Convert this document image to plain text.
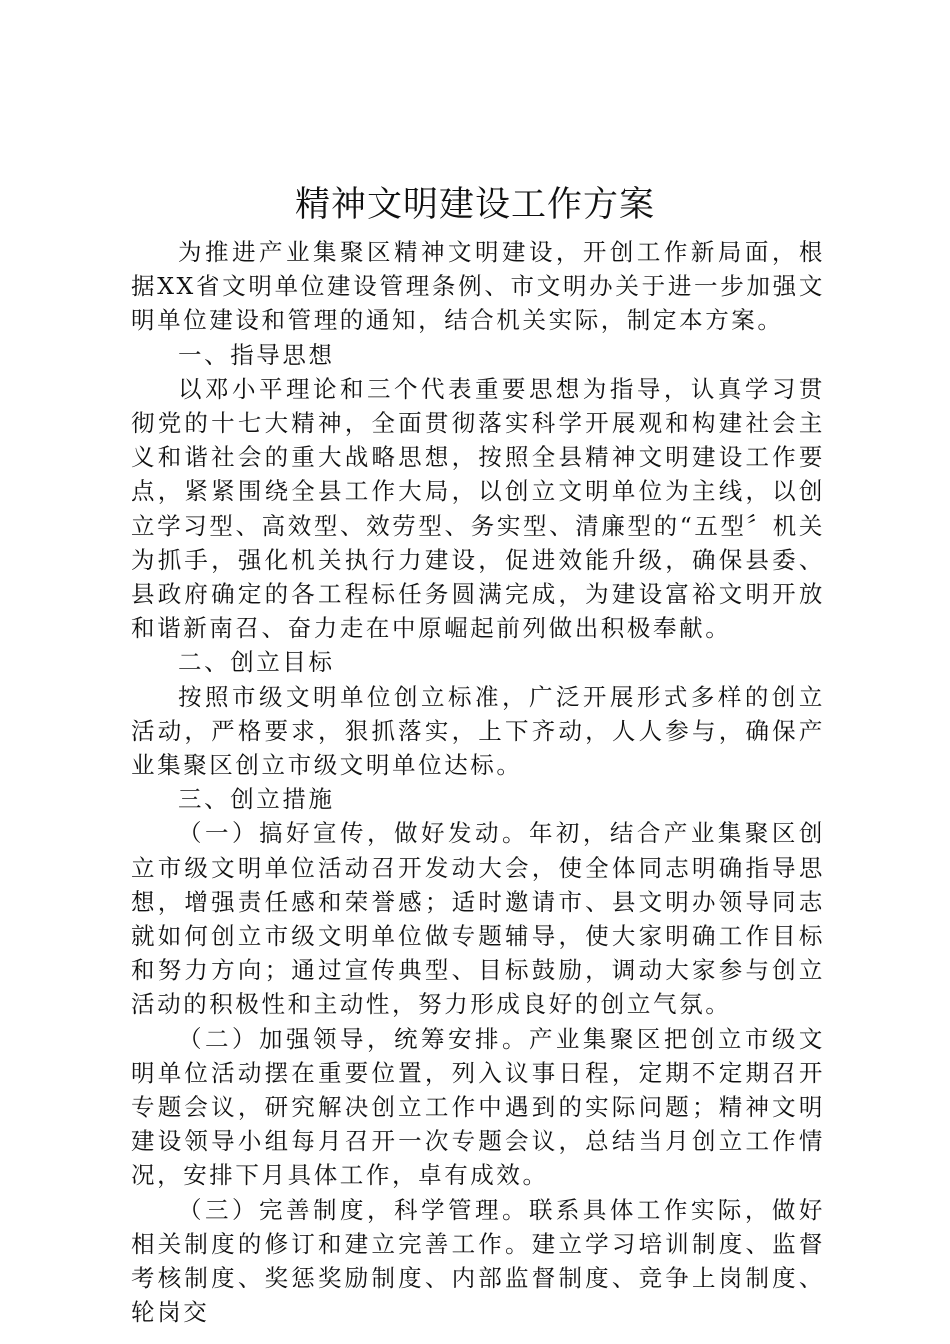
精神文明建设工作方案

为推进产业集聚区精神文明建设，开创工作新局面，根据XX省文明单位建设管理条例、市文明办关于进一步加强文明单位建设和管理的通知，结合机关实际，制定本方案。

一、指导思想

以邓小平理论和三个代表重要思想为指导，认真学习贯彻党的十七大精神，全面贯彻落实科学开展观和构建社会主义和谐社会的重大战略思想，按照全县精神文明建设工作要点，紧紧围绕全县工作大局，以创立文明单位为主线，以创立学习型、高效型、效劳型、务实型、清廉型的“五型〞机关为抓手，强化机关执行力建设，促进效能升级，确保县委、县政府确定的各工程标任务圆满完成，为建设富裕文明开放和谐新南召、奋力走在中原崛起前列做出积极奉献。

二、创立目标

按照市级文明单位创立标准，广泛开展形式多样的创立活动，严格要求，狠抓落实，上下齐动，人人参与，确保产业集聚区创立市级文明单位达标。

三、创立措施

（一）搞好宣传，做好发动。年初，结合产业集聚区创立市级文明单位活动召开发动大会，使全体同志明确指导思想，增强责任感和荣誉感；适时邀请市、县文明办领导同志就如何创立市级文明单位做专题辅导，使大家明确工作目标和努力方向；通过宣传典型、目标鼓励，调动大家参与创立活动的积极性和主动性，努力形成良好的创立气氛。

（二）加强领导，统筹安排。产业集聚区把创立市级文明单位活动摆在重要位置，列入议事日程，定期不定期召开专题会议，研究解决创立工作中遇到的实际问题；精神文明建设领导小组每月召开一次专题会议，总结当月创立工作情况，安排下月具体工作，卓有成效。

（三）完善制度，科学管理。联系具体工作实际，做好相关制度的修订和建立完善工作。建立学习培训制度、监督考核制度、奖惩奖励制度、内部监督制度、竞争上岗制度、轮岗交
